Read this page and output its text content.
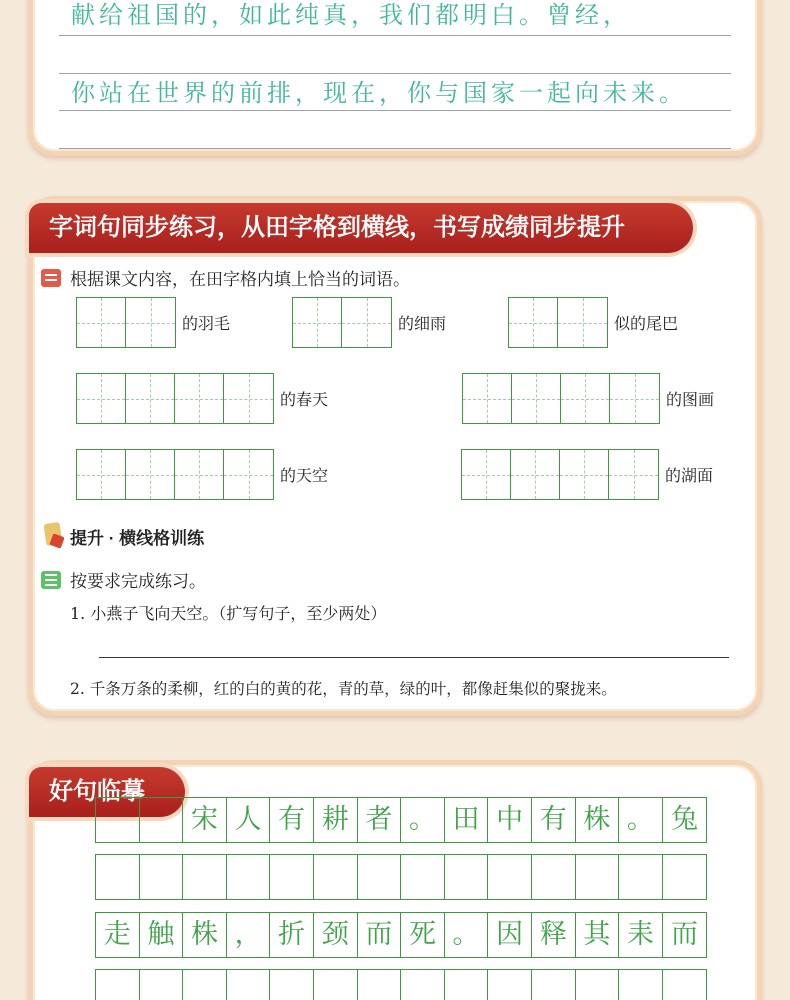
献给祖国的，如此纯真，我们都明白。曾经，
你站在世界的前排，现在，你与国家一起向未来。
字词句同步练习，从田字格到横线，书写成绩同步提升
根据课文内容，在田字格内填上恰当的词语。
的羽毛	的细雨	似的尾巴
的春天	的图画
的天空	的湖面
提升 · 横线格训练
按要求完成练习。
1. 小燕子飞向天空。（扩写句子，至少两处）
2. 千条万条的柔柳，红的白的黄的花，青的草，绿的叶，都像赶集似的聚拢来。
好句临摹
宋 人 有 耕 者 。 田 中 有 株 。 兔
走 触 株 ， 折 颈 而 死 。 因 释 其 耒 而
